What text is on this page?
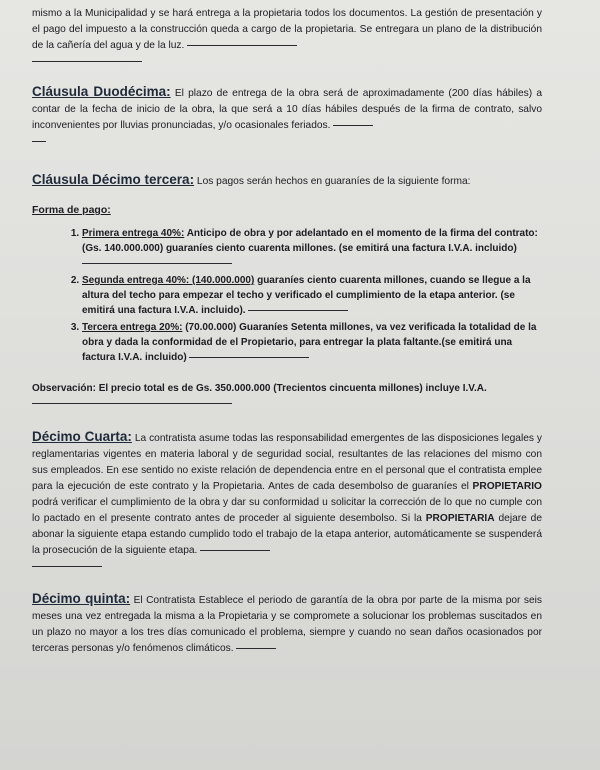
mismo a la Municipalidad y se hará entrega a la propietaria todos los documentos. La gestión de presentación y el pago del impuesto a la construcción queda a cargo de la propietaria. Se entregara un plano de la distribución de la cañería del agua y de la luz.

Cláusula Duodécima: El plazo de entrega de la obra será de aproximadamente (200 días hábiles) a contar de la fecha de inicio de la obra, la que será a 10 días hábiles después de la firma de contrato, salvo inconvenientes por lluvias pronunciadas, y/o ocasionales feriados.

Cláusula Décimo tercera: Los pagos serán hechos en guaraníes de la siguiente forma:

Forma de pago:

1. Primera entrega 40%: Anticipo de obra y por adelantado en el momento de la firma del contrato: (Gs. 140.000.000) guaraníes ciento cuarenta millones. (se emitirá una factura I.V.A. incluido)
2. Segunda entrega 40%: (140.000.000) guaraníes ciento cuarenta millones, cuando se llegue a la altura del techo para empezar el techo y verificado el cumplimiento de la etapa anterior. (se emitirá una factura I.V.A. incluido).
3. Tercera entrega 20%: (70.00.000) Guaraníes Setenta millones, va vez verificada la totalidad de la obra y dada la conformidad de el Propietario, para entregar la plata faltante.(se emitirá una factura I.V.A. incluido)

Observación: El precio total es de Gs. 350.000.000 (Trecientos cincuenta millones) incluye I.V.A.

Décimo Cuarta: La contratista asume todas las responsabilidad emergentes de las disposiciones legales y reglamentarias vigentes en materia laboral y de seguridad social, resultantes de las relaciones del mismo con sus empleados. En ese sentido no existe relación de dependencia entre en el personal que el contratista emplee para la ejecución de este contrato y la Propietaria. Antes de cada desembolso de guaraníes el PROPIETARIO podrá verificar el cumplimiento de la obra y dar su conformidad u solicitar la corrección de lo que no cumple con lo pactado en el presente contrato antes de proceder al siguiente desembolso. Si la PROPIETARIA dejare de abonar la siguiente etapa estando cumplido todo el trabajo de la etapa anterior, automáticamente se suspenderá la prosecución de la siguiente etapa.

Décimo quinta: El Contratista Establece el periodo de garantía de la obra por parte de la misma por seis meses una vez entregada la misma a la Propietaria y se compromete a solucionar los problemas suscitados en un plazo no mayor a los tres días comunicado el problema, siempre y cuando no sean daños ocasionados por terceras personas y/o fenómenos climáticos.
